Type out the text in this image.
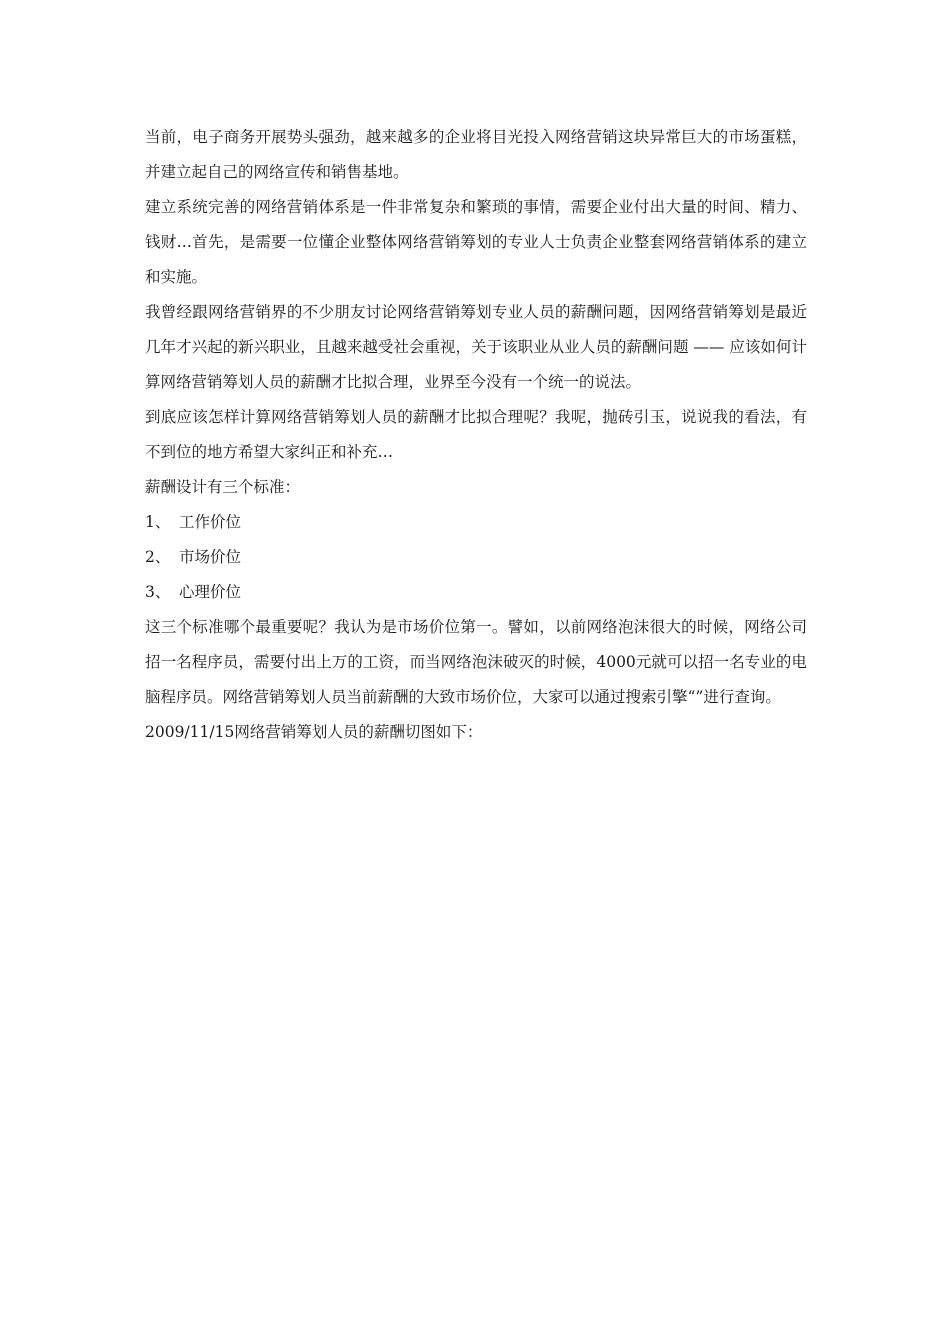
当前，电子商务开展势头强劲，越来越多的企业将目光投入网络营销这块异常巨大的市场蛋糕，并建立起自己的网络宣传和销售基地。

建立系统完善的网络营销体系是一件非常复杂和繁琐的事情，需要企业付出大量的时间、精力、钱财…首先，是需要一位懂企业整体网络营销筹划的专业人士负责企业整套网络营销体系的建立和实施。

我曾经跟网络营销界的不少朋友讨论网络营销筹划专业人员的薪酬问题，因网络营销筹划是最近几年才兴起的新兴职业，且越来越受社会重视，关于该职业从业人员的薪酬问题 —— 应该如何计算网络营销筹划人员的薪酬才比拟合理，业界至今没有一个统一的说法。

到底应该怎样计算网络营销筹划人员的薪酬才比拟合理呢？我呢，抛砖引玉，说说我的看法，有不到位的地方希望大家纠正和补充…

薪酬设计有三个标准：

1、 工作价位

2、 市场价位

3、 心理价位

这三个标准哪个最重要呢？我认为是市场价位第一。譬如，以前网络泡沫很大的时候，网络公司招一名程序员，需要付出上万的工资，而当网络泡沫破灭的时候，4000元就可以招一名专业的电脑程序员。网络营销筹划人员当前薪酬的大致市场价位，大家可以通过搜索引擎“”进行查询。

2009/11/15网络营销筹划人员的薪酬切图如下：
